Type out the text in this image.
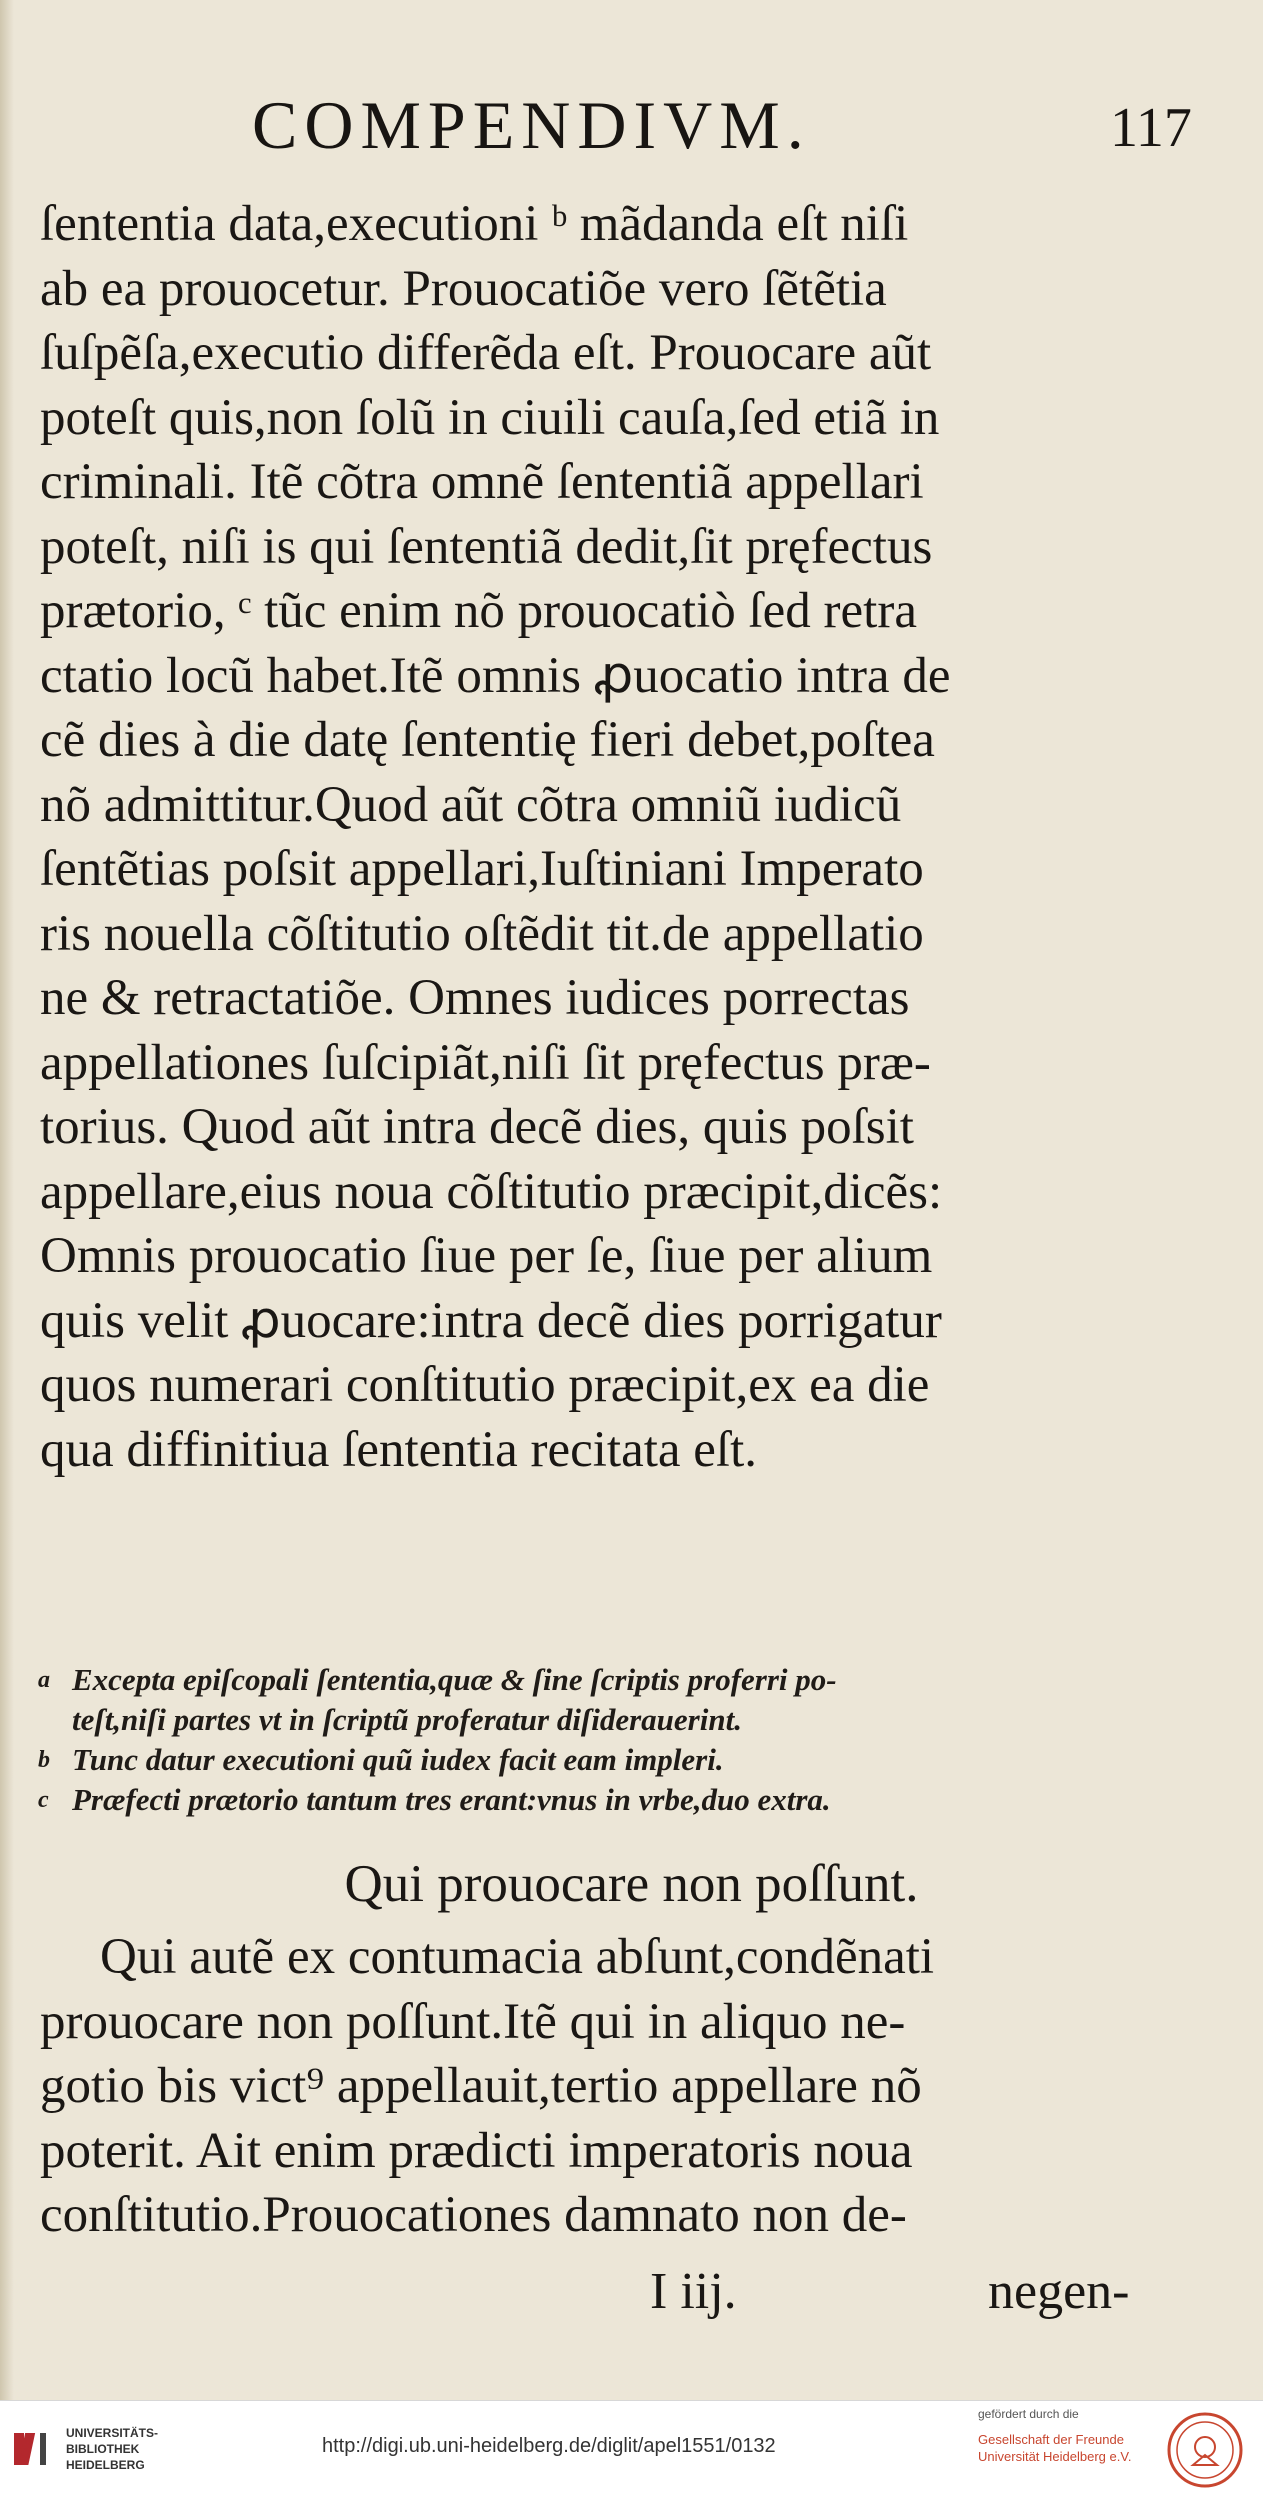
COMPENDIVM.	117
ſententia data,executioni ᵇ mãdanda eſt niſi
ab ea prouocetur. Prouocatiõe vero ſẽtẽtia
ſuſpẽſa,executio differẽda eſt. Prouocare aũt
poteſt quis,non ſolũ in ciuili cauſa,ſed etiã in
criminali. Itẽ cõtra omnẽ ſententiã appellari
poteſt, niſi is qui ſententiã dedit,ſit pręfectus
prætorio, ᶜ tũc enim nõ prouocatiò ſed retra
ctatio locũ habet.Itẽ omnis ꝓuocatio intra de
cẽ dies à die datę ſententię fieri debet,poſtea
nõ admittitur.Quod aũt cõtra omniũ iudicũ
ſentẽtias poſsit appellari,Iuſtiniani Imperato
ris nouella cõſtitutio oſtẽdit tit.de appellatio
ne & retractatiõe. Omnes iudices porrectas
appellationes ſuſcipiãt,niſi ſit pręfectus præ-
torius. Quod aũt intra decẽ dies, quis poſsit
appellare,eius noua cõſtitutio præcipit,dicẽs:
Omnis prouocatio ſiue per ſe, ſiue per alium
quis velit ꝓuocare:intra decẽ dies porrigatur
quos numerari conſtitutio præcipit,ex ea die
qua diffinitiua ſententia recitata eſt.
a Excepta epiſcopali ſententia,quæ & ſine ſcriptis proferri po-
teſt,niſi partes vt in ſcriptũ proferatur diſiderauerint.
b Tunc datur executioni quũ iudex facit eam impleri.
c Præfecti prætorio tantum tres erant:vnus in vrbe,duo extra.
Qui prouocare non poſſunt.
Qui autẽ ex contumacia abſunt,condẽnati
prouocare non poſſunt.Itẽ qui in aliquo ne-
gotio bis vict⁹ appellauit,tertio appellare nõ
poterit. Ait enim prædicti imperatoris noua
conſtitutio.Prouocationes damnato non de-
I iij.	negen-
UNIVERSITÄTS-
BIBLIOTHEK
HEIDELBERG
http://digi.ub.uni-heidelberg.de/diglit/apel1551/0132
gefördert durch die
Gesellschaft der Freunde
Universität Heidelberg e.V.
